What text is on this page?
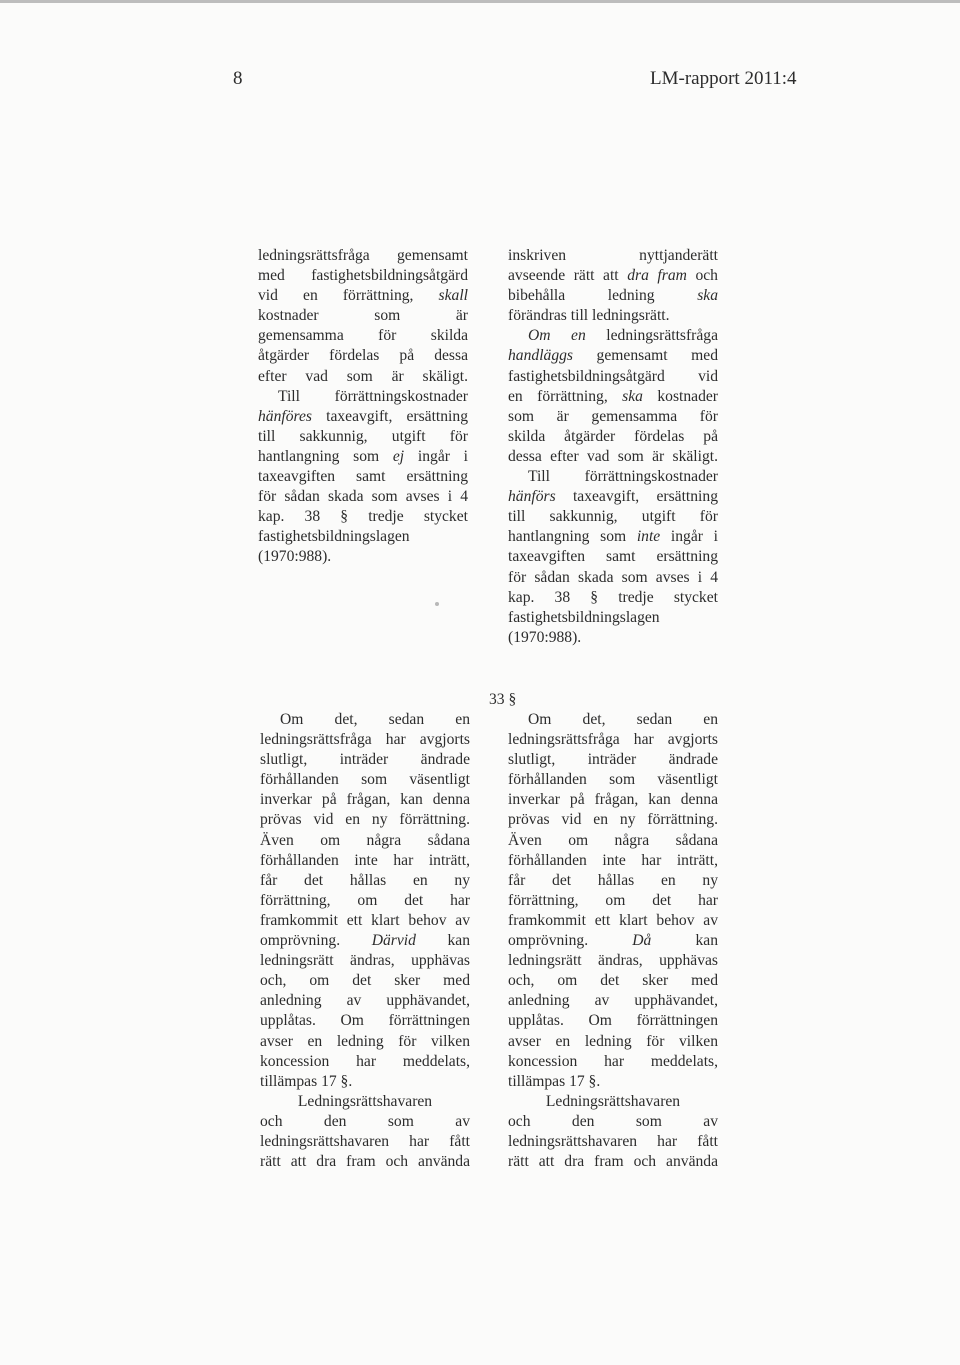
8	LM-rapport 2011:4
ledningsrättsfråga gemensamt
med fastighetsbildningsåtgärd
vid en förrättning, skall
kostnader som är
gemensamma för skilda
åtgärder fördelas på dessa
efter vad som är skäligt.
Till förrättningskostnader
hänföres taxeavgift, ersättning
till sakkunnig, utgift för
hantlangning som ej ingår i
taxeavgiften samt ersättning
för sådan skada som avses i 4
kap. 38 § tredje stycket
fastighetsbildningslagen
(1970:988).
inskriven nyttjanderätt
avseende rätt att dra fram och
bibehålla ledning ska
förändras till ledningsrätt.
Om en ledningsrättsfråga
handläggs gemensamt med
fastighetsbildningsåtgärd vid
en förrättning, ska kostnader
som är gemensamma för
skilda åtgärder fördelas på
dessa efter vad som är skäligt.
Till förrättningskostnader
hänförs taxeavgift, ersättning
till sakkunnig, utgift för
hantlangning som inte ingår i
taxeavgiften samt ersättning
för sådan skada som avses i 4
kap. 38 § tredje stycket
fastighetsbildningslagen
(1970:988).
33 §
Om det, sedan en
ledningsrättsfråga har avgjorts
slutligt, inträder ändrade
förhållanden som väsentligt
inverkar på frågan, kan denna
prövas vid en ny förrättning.
Även om några sådana
förhållanden inte har inträtt,
får det hållas en ny
förrättning, om det har
framkommit ett klart behov av
omprövning. Därvid kan
ledningsrätt ändras, upphävas
och, om det sker med
anledning av upphävandet,
upplåtas. Om förrättningen
avser en ledning för vilken
koncession har meddelats,
tillämpas 17 §.
Ledningsrättshavaren
och den som av
ledningsrättshavaren har fått
rätt att dra fram och använda
Om det, sedan en
ledningsrättsfråga har avgjorts
slutligt, inträder ändrade
förhållanden som väsentligt
inverkar på frågan, kan denna
prövas vid en ny förrättning.
Även om några sådana
förhållanden inte har inträtt,
får det hållas en ny
förrättning, om det har
framkommit ett klart behov av
omprövning. Då kan
ledningsrätt ändras, upphävas
och, om det sker med
anledning av upphävandet,
upplåtas. Om förrättningen
avser en ledning för vilken
koncession har meddelats,
tillämpas 17 §.
Ledningsrättshavaren
och den som av
ledningsrättshavaren har fått
rätt att dra fram och använda
